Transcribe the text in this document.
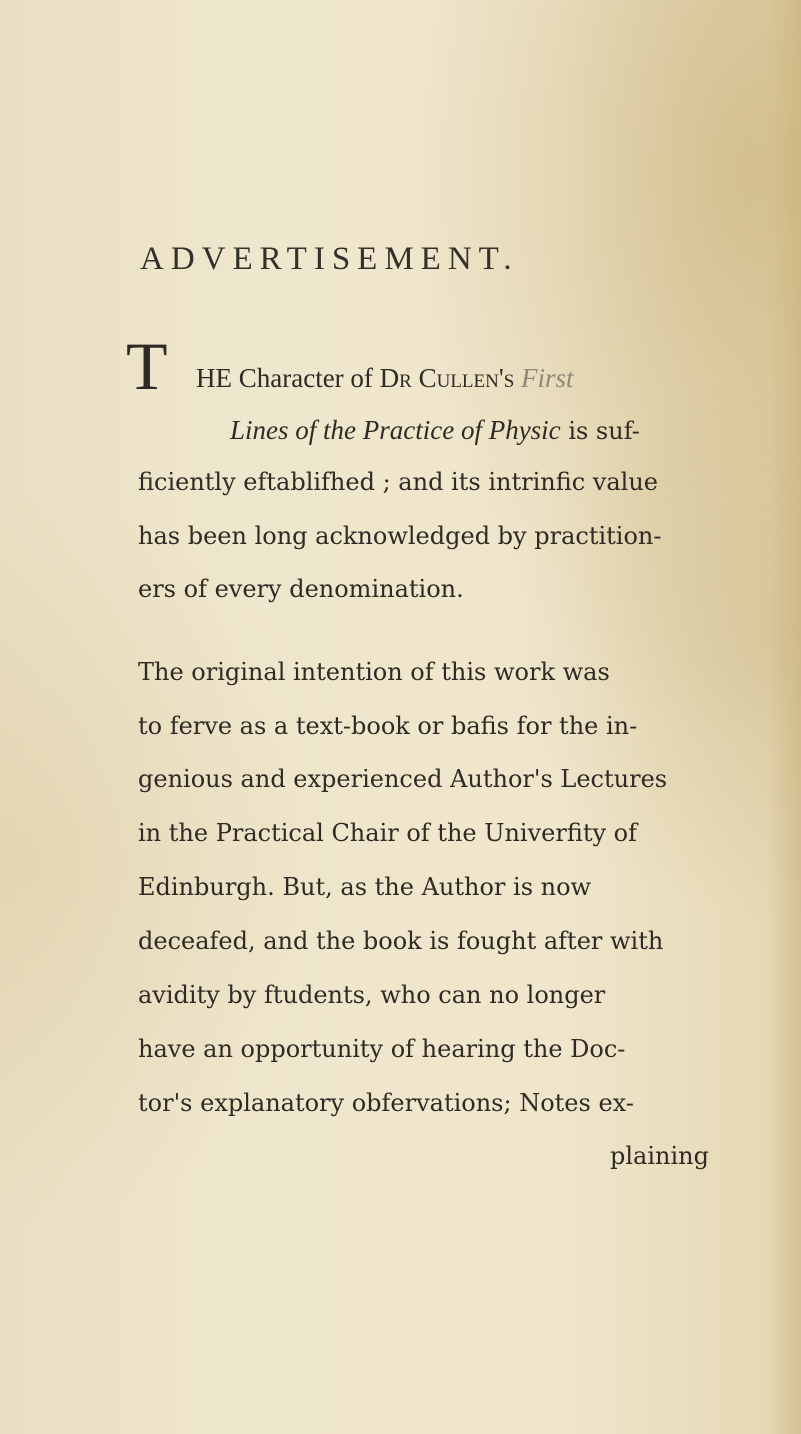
ADVERTISEMENT.
T HE Character of Dr Cullen's First
Lines of the Practice of Physic is suf-
ficiently eftablifhed ; and its intrinfic value
has been long acknowledged by practition-
ers of every denomination.
The original intention of this work was
to ferve as a text-book or bafis for the in-
genious and experienced Author's Lectures
in the Practical Chair of the Univerfity of
Edinburgh. But, as the Author is now
deceafed, and the book is fought after with
avidity by ftudents, who can no longer
have an opportunity of hearing the Doc-
tor's explanatory obfervations; Notes ex-
plaining
